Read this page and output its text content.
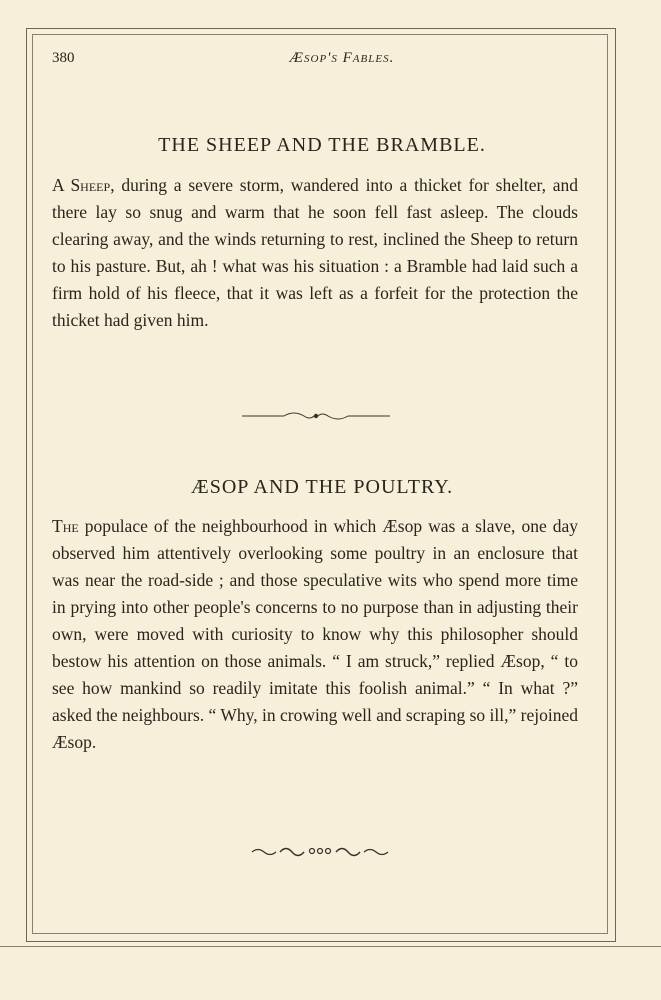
380	Æsop's Fables.
THE SHEEP AND THE BRAMBLE.

A Sheep, during a severe storm, wandered into a thicket for shelter, and there lay so snug and warm that he soon fell fast asleep. The clouds clearing away, and the winds returning to rest, inclined the Sheep to return to his pasture. But, ah ! what was his situation : a Bramble had laid such a firm hold of his fleece, that it was left as a forfeit for the protection the thicket had given him.

ÆSOP AND THE POULTRY.

The populace of the neighbourhood in which Æsop was a slave, one day observed him attentively overlooking some poultry in an enclosure that was near the road-side ; and those speculative wits who spend more time in prying into other people's concerns to no purpose than in adjusting their own, were moved with curiosity to know why this philosopher should bestow his attention on those animals. “ I am struck,” replied Æsop, “ to see how mankind so readily imitate this foolish animal.” “ In what ?” asked the neighbours. “ Why, in crowing well and scraping so ill,” rejoined Æsop.
